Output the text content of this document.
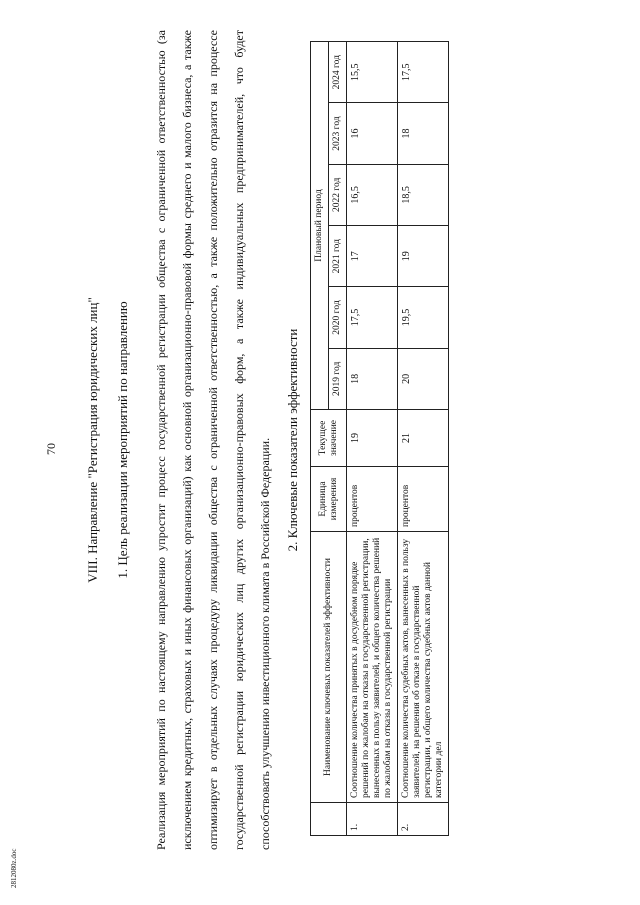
70 VIII. Направление "Регистрация юридических лиц" 1. Цель реализации мероприятий по направлению	Реализация мероприятий по настоящему направлению упростит процесс государственной регистрации общества с ограниченной ответственностью (за исключением кредитных, страховых и иных финансовых организаций) как основной организационно-правовой формы среднего и малого бизнеса, а также оптимизирует в отдельных случаях процедуру ликвидации общества с ограниченной ответственностью, а также положительно отразится на процессе государственной регистрации юридических лиц других организационно-правовых форм, а также индивидуальных предпринимателей, что будет способствовать улучшению инвестиционного климата в Российской Федерации.	2. Ключевые показатели эффективности
	Наименование ключевых показателей эффективности	Единица измерения	Текущее значение	Плановый период					
				2019 год	2020 год	2021 год	2022 год	2023 год	2024 год
1.	Соотношение количества принятых в досудебном порядке решений по жалобам на отказы в государственной регистрации, вынесенных в пользу заявителей, и общего количества решений по жалобам на отказы в государственной регистрации	процентов	19	18	17,5	17	16,5	16	15,5
2.	Соотношение количества судебных актов, вынесенных в пользу заявителей, на решения об отказе в государственной регистрации, и общего количества судебных актов данной категории дел	процентов	21	20	19,5	19	18,5	18	17,5
2812080z.doc
